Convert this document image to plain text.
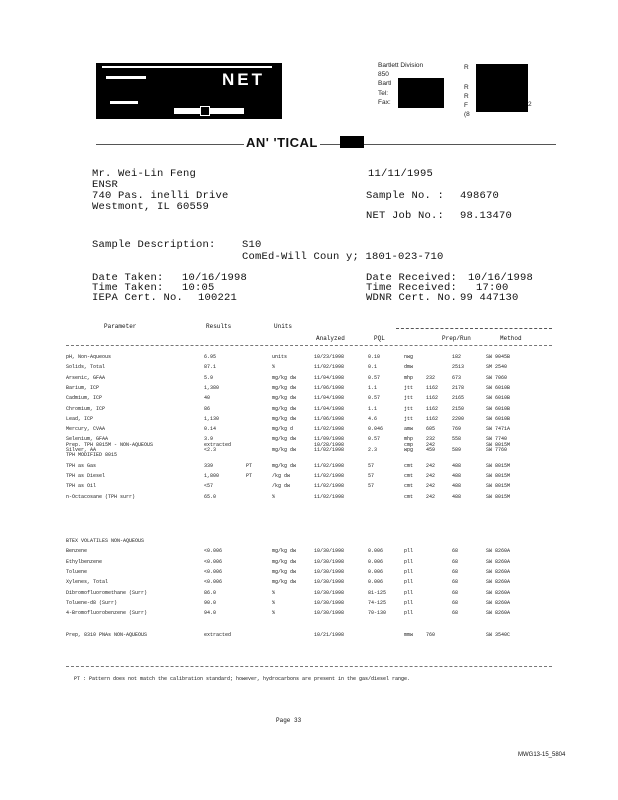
NET
Bartlett Division
850
Bartl
Tel:
Fax:
R
R
R
F
(8
2
AN' 'TICAL
Mr. Wei-Lin Feng
ENSR
740 Pas. inelli Drive
Westmont, IL 60559
11/11/1995
Sample No. : 498670
NET Job No.: 98.13470
Sample Description:	S10
ComEd-Will Coun y; 1801-023-710
Date Taken: 10/16/1998
Time Taken: 10:05
IEPA Cert. No. 100221
Date Received: 10/16/1998
Time Received: 17:00
WDNR Cert. No. 99 447130
Parameter	Results	Units
Analyzed	PQL	Prep/Run	Method
pH, Non-Aqueous	6.95	units	10/23/1998	0.10	nwg	182	SW 9045B
Solids, Total	87.1	%	11/02/1998	0.1	dmw	2513	SM 2540
Arsenic, GFAA	5.9	mg/kg dw	11/04/1998	0.57	mhp	232	673	SW 7060
Barium, ICP	1,380	mg/kg dw	11/06/1998	1.1	jtt	1162	2178	SW 6010B
Cadmium, ICP	40	mg/kg dw	11/04/1998	0.57	jtt	1162	2165	SW 6010B
Chromium, ICP	86	mg/kg dw	11/04/1998	1.1	jtt	1162	2150	SW 6010B
Lead, ICP	1,130	mg/kg dw	11/06/1998	4.6	jtt	1162	2200	SW 6010B
Mercury, CVAA	0.14	mg/kg d	11/02/1998	0.046	amw	605	769	SW 7471A
Selenium, GFAA	3.9	mg/kg dw	11/09/1998	0.57	mhp	232	558	SW 7740
Silver, AA	<2.3	mg/kg dw	11/02/1998	2.3	wpg	459	589	SW 7760
Prep. TPH 8015M - NON-AQUEOUS	extracted	10/28/1998	cmp	242	SW 8015M
TPH MODIFIED 8015
TPH as Gas	339	PT	mg/kg dw	11/02/1998	57	cmt	242	488	SW 8015M
TPH as Diesel	1,800	PT	/kg dw	11/02/1998	57	cmt	242	488	SW 8015M
TPH as Oil	<57	/kg dw	11/02/1998	57	cmt	242	488	SW 8015M
n-Octacosane (TPH surr)	65.0	%	11/02/1998	cmt	242	488	SW 8015M
BTEX VOLATILES NON-AQUEOUS
Benzene	<0.006	mg/kg dw	10/30/1998	0.006	pll	68	SW 8260A
Ethylbenzene	<0.006	mg/kg dw	10/30/1998	0.006	pll	68	SW 8260A
Toluene	<0.006	mg/kg dw	10/30/1998	0.006	pll	68	SW 8260A
Xylenes, Total	<0.006	mg/kg dw	10/30/1998	0.006	pll	68	SW 8260A
Dibromofluoromethane (Surr)	86.0	%	10/30/1998	81-125	pll	68	SW 8260A
Toluene-d8 (Surr)	90.0	%	10/30/1998	74-125	pll	68	SW 8260A
4-Bromofluorobenzene (Surr)	94.0	%	10/30/1998	70-130	pll	68	SW 8260A
Prep, 8310 PNAs NON-AQUEOUS	extracted	10/21/1998	mmw	760	SW 3540C
PT : Pattern does not match the calibration standard; however, hydrocarbons are present in the gas/diesel range.
Page 33
MWG13-15_5804
